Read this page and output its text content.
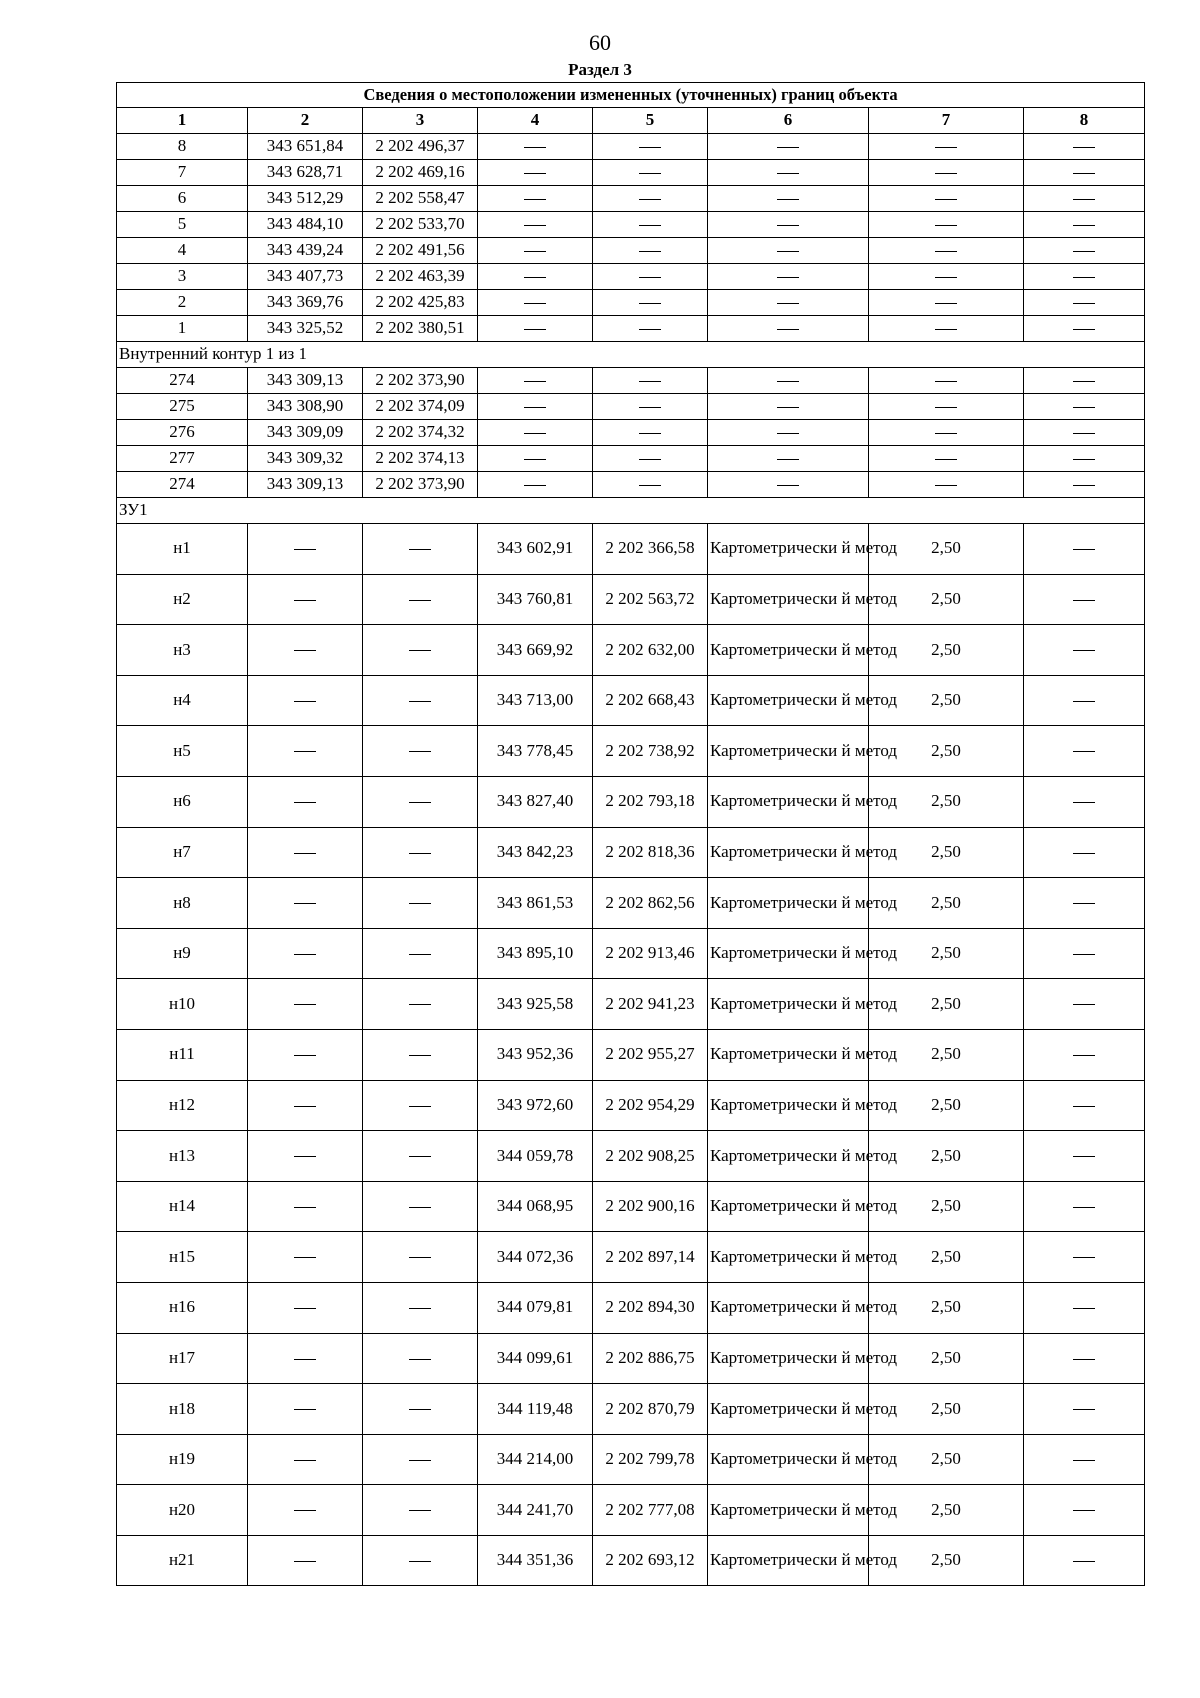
60
Раздел 3
Сведения о местоположении измененных (уточненных) границ объекта							
1	2	3	4	5	6	7	8
8	343 651,84	2 202 496,37					
7	343 628,71	2 202 469,16					
6	343 512,29	2 202 558,47					
5	343 484,10	2 202 533,70					
4	343 439,24	2 202 491,56					
3	343 407,73	2 202 463,39					
2	343 369,76	2 202 425,83					
1	343 325,52	2 202 380,51					
Внутренний контур 1 из 1							
274	343 309,13	2 202 373,90					
275	343 308,90	2 202 374,09					
276	343 309,09	2 202 374,32					
277	343 309,32	2 202 374,13					
274	343 309,13	2 202 373,90					
ЗУ1							
н1			343 602,91	2 202 366,58	Картометрически й метод	2,50	
н2			343 760,81	2 202 563,72	Картометрически й метод	2,50	
н3			343 669,92	2 202 632,00	Картометрически й метод	2,50	
н4			343 713,00	2 202 668,43	Картометрически й метод	2,50	
н5			343 778,45	2 202 738,92	Картометрически й метод	2,50	
н6			343 827,40	2 202 793,18	Картометрически й метод	2,50	
н7			343 842,23	2 202 818,36	Картометрически й метод	2,50	
н8			343 861,53	2 202 862,56	Картометрически й метод	2,50	
н9			343 895,10	2 202 913,46	Картометрически й метод	2,50	
н10			343 925,58	2 202 941,23	Картометрически й метод	2,50	
н11			343 952,36	2 202 955,27	Картометрически й метод	2,50	
н12			343 972,60	2 202 954,29	Картометрически й метод	2,50	
н13			344 059,78	2 202 908,25	Картометрически й метод	2,50	
н14			344 068,95	2 202 900,16	Картометрически й метод	2,50	
н15			344 072,36	2 202 897,14	Картометрически й метод	2,50	
н16			344 079,81	2 202 894,30	Картометрически й метод	2,50	
н17			344 099,61	2 202 886,75	Картометрически й метод	2,50	
н18			344 119,48	2 202 870,79	Картометрически й метод	2,50	
н19			344 214,00	2 202 799,78	Картометрически й метод	2,50	
н20			344 241,70	2 202 777,08	Картометрически й метод	2,50	
н21			344 351,36	2 202 693,12	Картометрически й метод	2,50	
